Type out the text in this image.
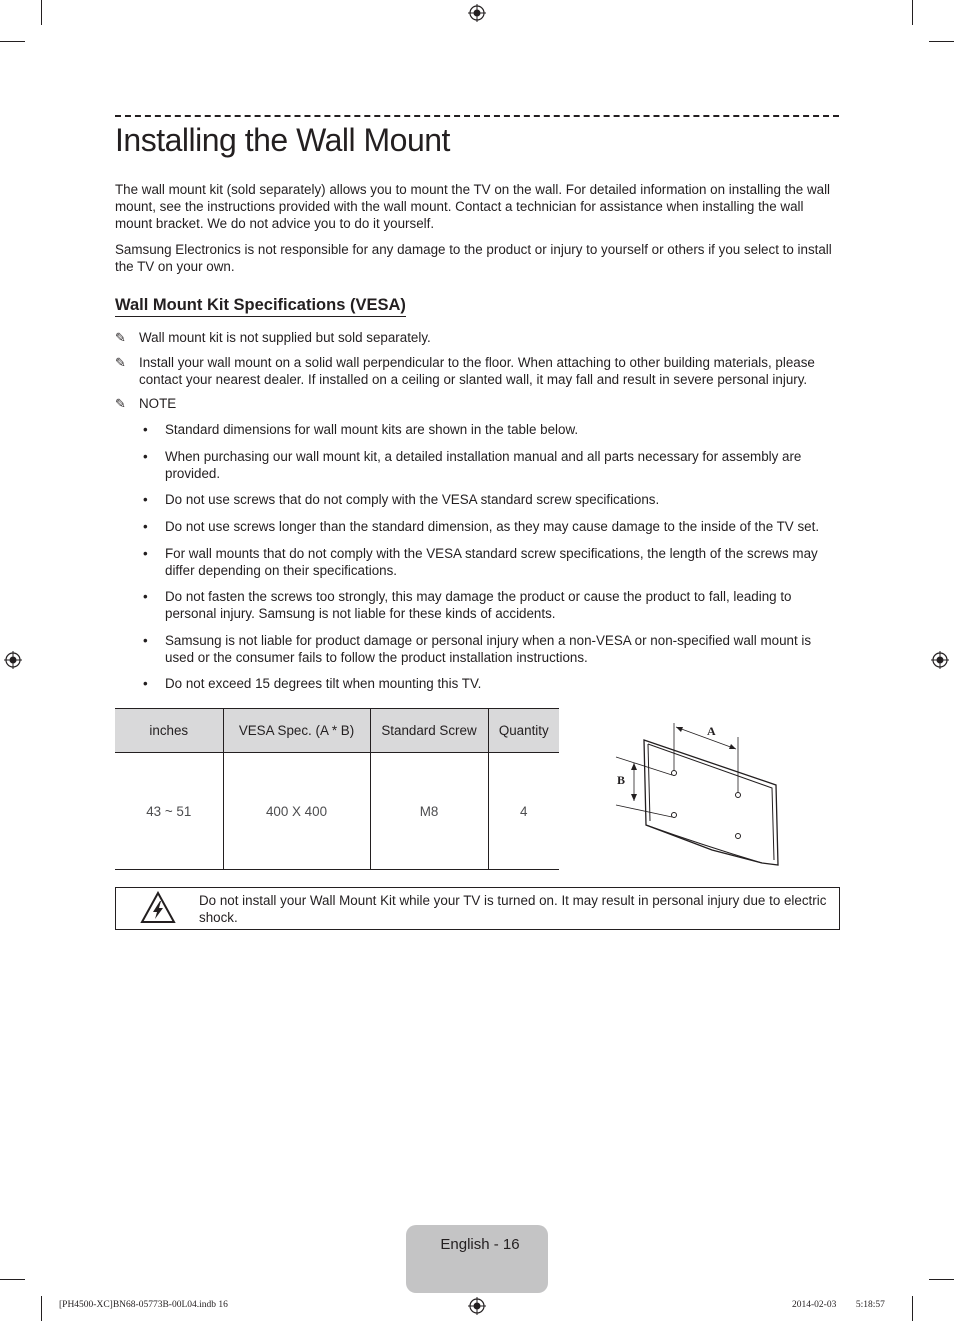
Installing the Wall Mount

The wall mount kit (sold separately) allows you to mount the TV on the wall. For detailed information on installing the wall mount, see the instructions provided with the wall mount. Contact a technician for assistance when installing the wall mount bracket. We do not advice you to do it yourself.

Samsung Electronics is not responsible for any damage to the product or injury to yourself or others if you select to install the TV on your own.

Wall Mount Kit Specifications (VESA)
✎ Wall mount kit is not supplied but sold separately.
✎ Install your wall mount on a solid wall perpendicular to the floor. When attaching to other building materials, please contact your nearest dealer. If installed on a ceiling or slanted wall, it may fall and result in severe personal injury.
✎ NOTE
•	Standard dimensions for wall mount kits are shown in the table below.
•	When purchasing our wall mount kit, a detailed installation manual and all parts necessary for assembly are provided.
•	Do not use screws that do not comply with the VESA standard screw specifications.
•	Do not use screws longer than the standard dimension, as they may cause damage to the inside of the TV set.
•	For wall mounts that do not comply with the VESA standard screw specifications, the length of the screws may differ depending on their specifications.
•	Do not fasten the screws too strongly, this may damage the product or cause the product to fall, leading to personal injury. Samsung is not liable for these kinds of accidents.
•	Samsung is not liable for product damage or personal injury when a non-VESA or non-specified wall mount is used or the consumer fails to follow the product installation instructions.
•	Do not exceed 15 degrees tilt when mounting this TV.
inches	VESA Spec. (A * B)	Standard Screw	Quantity
43 ~ 51	400 X 400	M8	4
A
B
Do not install your Wall Mount Kit while your TV is turned on. It may result in personal injury due to electric shock.
English - 16
[PH4500-XC]BN68-05773B-00L04.indb 16	2014-02-03 ￿￿ 5:18:57
